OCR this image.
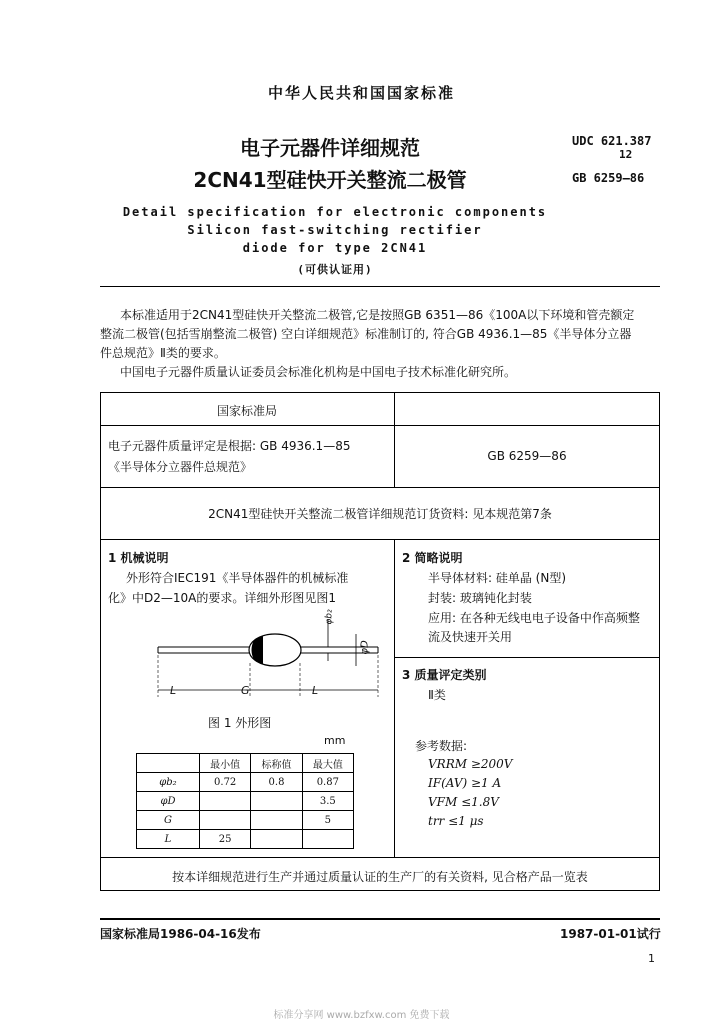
中华人民共和国国家标准
电子元器件详细规范
2CN41型硅快开关整流二极管
UDC 621.387
12
GB 6259—86
Detail specification for electronic components
Silicon fast-switching rectifier
diode for type 2CN41
(可供认证用)
本标准适用于2CN41型硅快开关整流二极管,它是按照GB 6351—86《100A以下环境和管壳额定
整流二极管(包括雪崩整流二极管) 空白详细规范》标准制订的, 符合GB 4936.1—85《半导体分立器
件总规范》Ⅱ类的要求。
中国电子元器件质量认证委员会标准化机构是中国电子技术标准化研究所。
国家标准局
电子元器件质量评定是根据: GB 4936.1—85
《半导体分立器件总规范》
GB 6259—86
2CN41型硅快开关整流二极管详细规范订货资料: 见本规范第7条
1 机械说明
外形符合IEC191《半导体器件的机械标准
化》中D2—10A的要求。详细外形图见图1
φb₂
φD
L	G	L
图 1 外形图
mm
	最小值	标称值	最大值
φb₂	0.72	0.8	0.87
φD			3.5
G			5
L	25		
2 简略说明
半导体材料: 硅单晶 (N型)
封装: 玻璃钝化封装
应用: 在各种无线电电子设备中作高频整
流及快速开关用
3 质量评定类别
Ⅱ类
参考数据:
VRRM ≥200V
IF(AV) ≥1 A
VFM ≤1.8V
trr ≤1 μs
按本详细规范进行生产并通过质量认证的生产厂的有关资料, 见合格产品一览表
国家标准局1986-04-16发布	1987-01-01试行
1
标准分享网 www.bzfxw.com 免费下载
